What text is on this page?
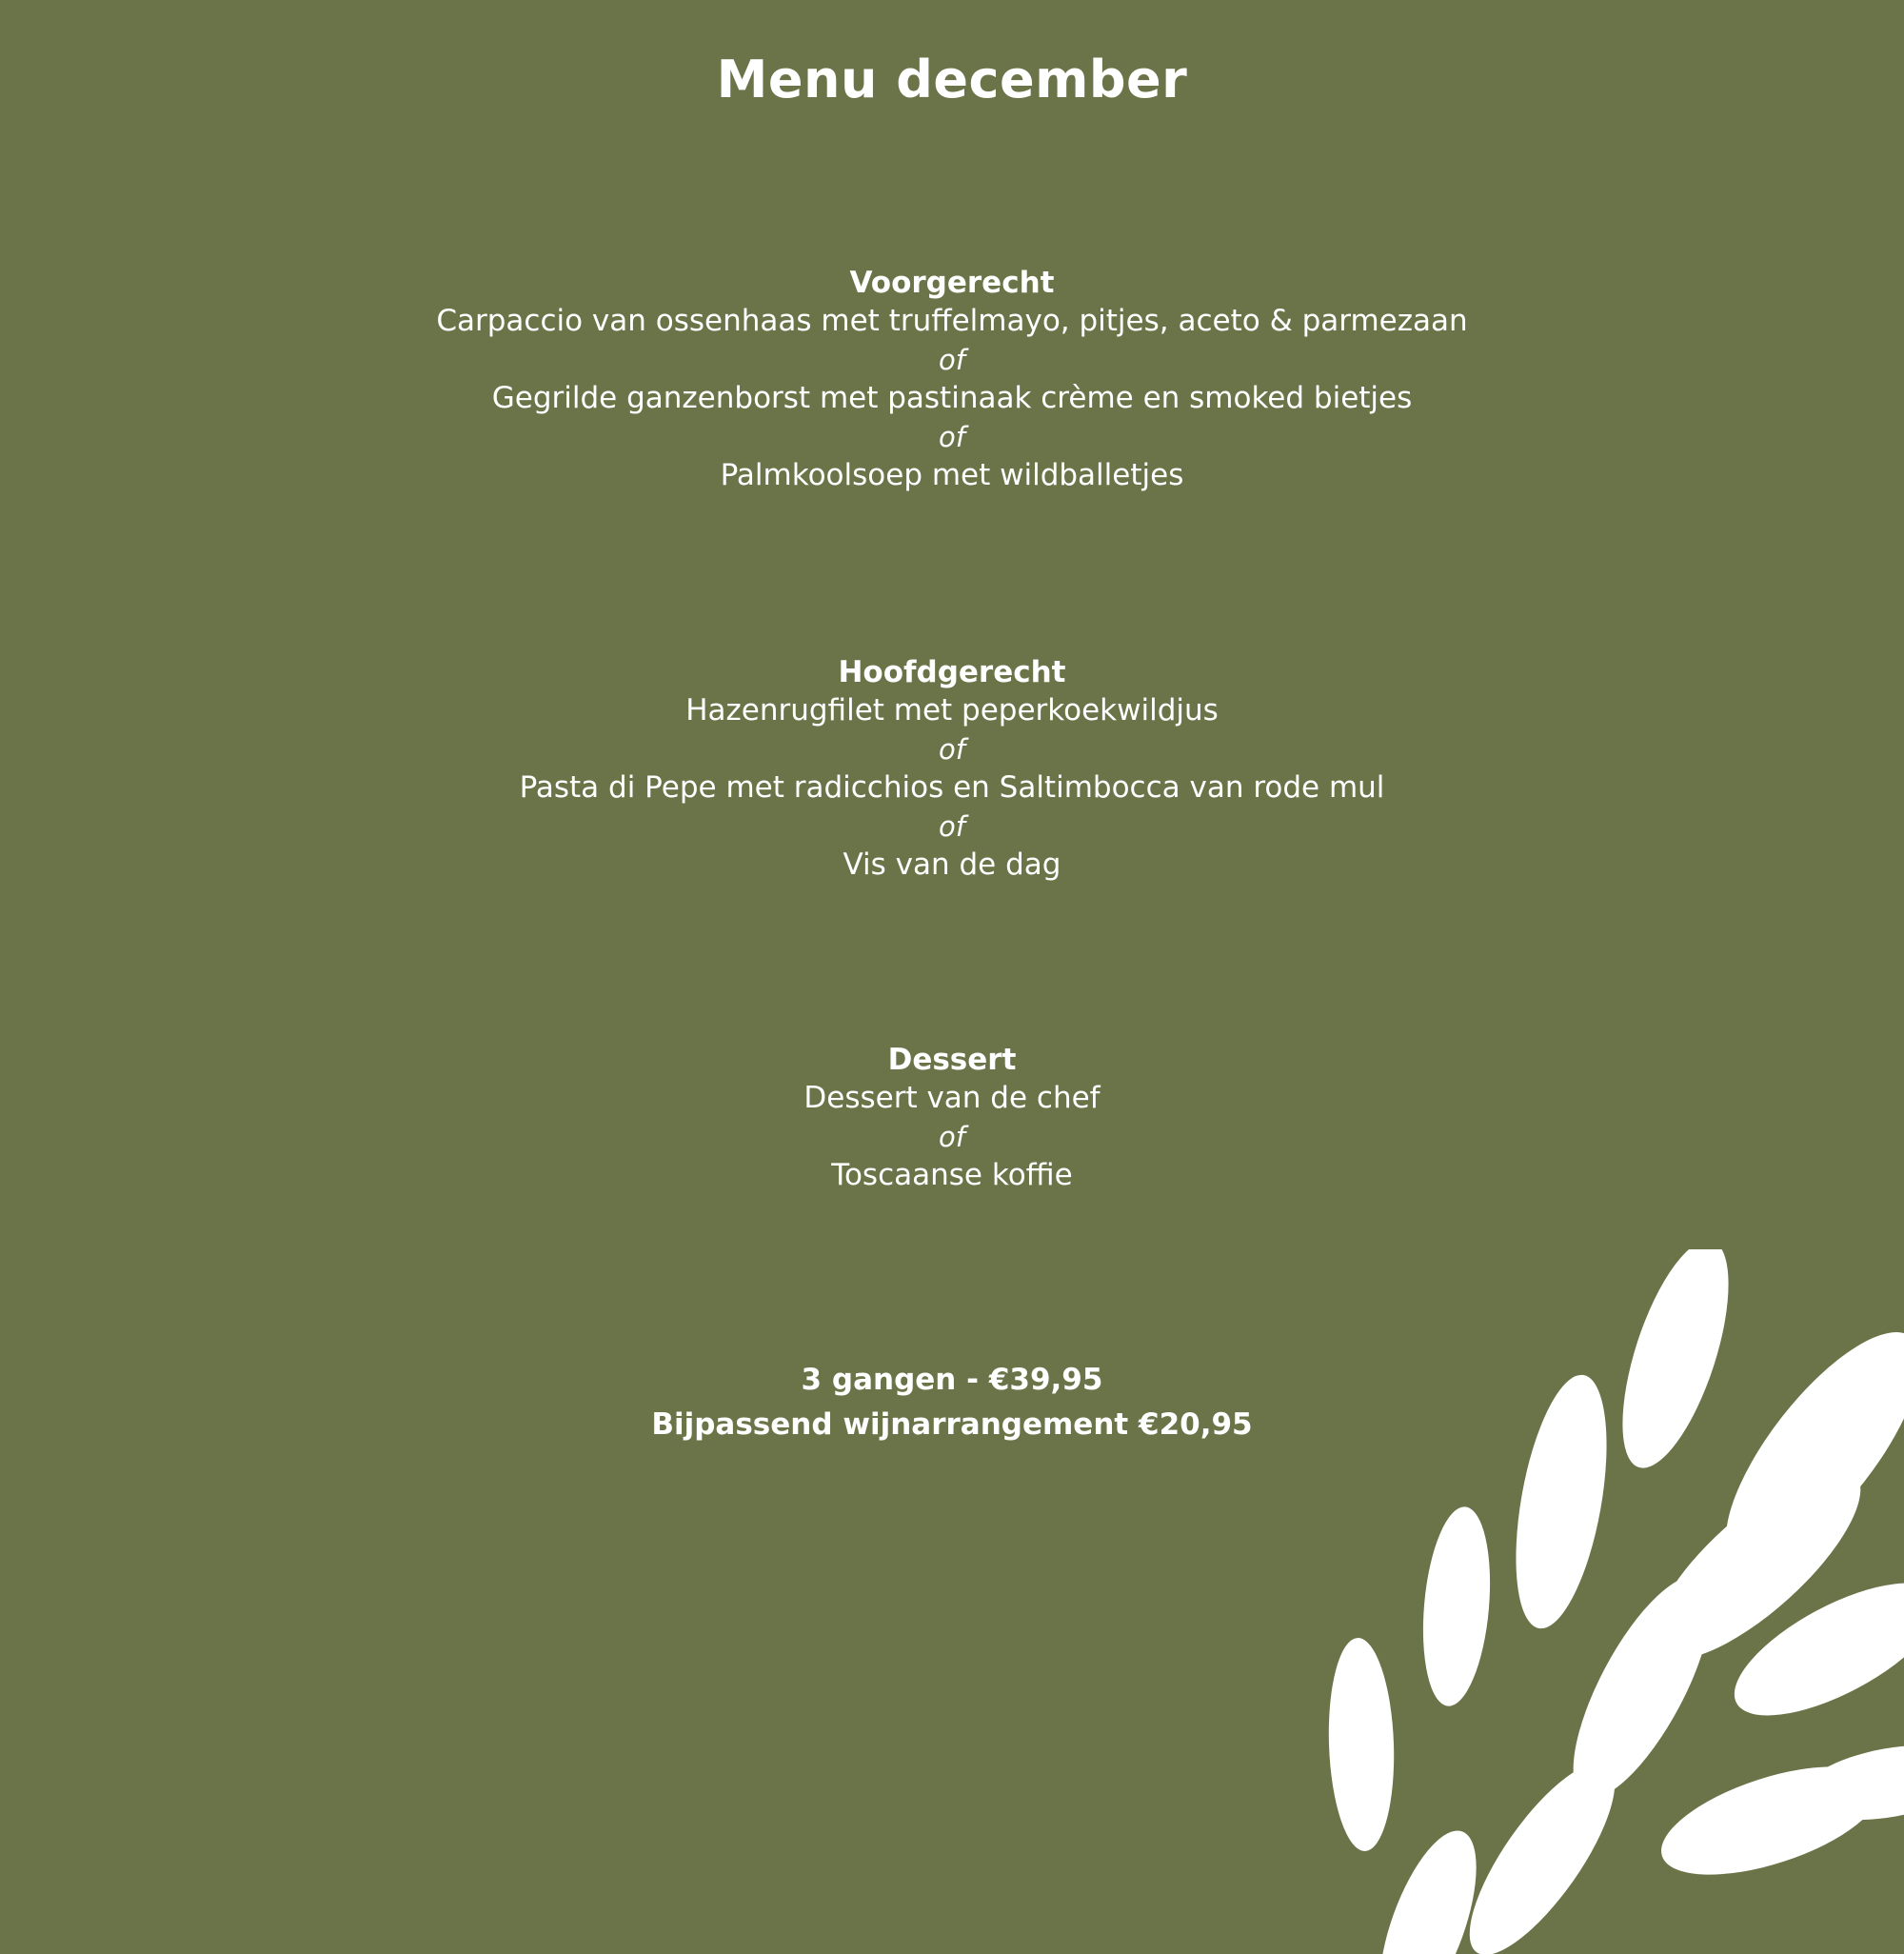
Menu december
Voorgerecht
Carpaccio van ossenhaas met truffelmayo, pitjes, aceto & parmezaan
of
Gegrilde ganzenborst met pastinaak crème en smoked bietjes
of
Palmkoolsoep met wildballetjes
Hoofdgerecht
Hazenrugfilet met peperkoekwildjus
of
Pasta di Pepe met radicchios en Saltimbocca van rode mul
of
Vis van de dag
Dessert
Dessert van de chef
of
Toscaanse koffie
3 gangen - €39,95
Bijpassend wijnarrangement €20,95
